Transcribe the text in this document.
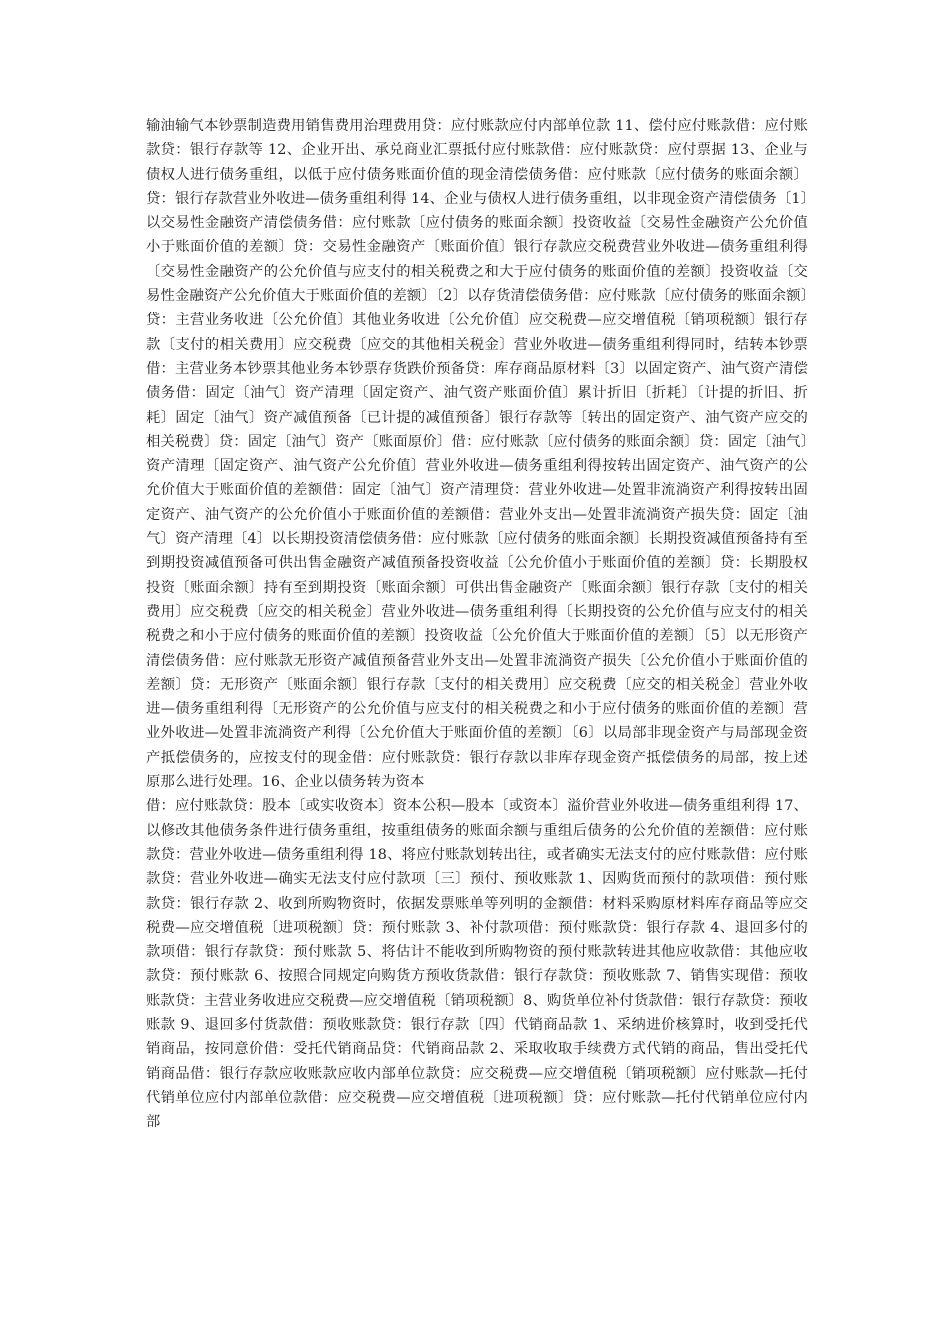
输油输气本钞票制造费用销售费用治理费用贷：应付账款应付内部单位款 11、偿付应付账款借：应付账款贷：银行存款等 12、企业开出、承兑商业汇票抵付应付账款借：应付账款贷：应付票据 13、企业与债权人进行债务重组，以低于应付债务账面价值的现金清偿债务借：应付账款〔应付债务的账面余额〕贷：银行存款营业外收进—债务重组利得 14、企业与债权人进行债务重组，以非现金资产清偿债务〔1〕以交易性金融资产清偿债务借：应付账款〔应付债务的账面余额〕投资收益〔交易性金融资产公允价值小于账面价值的差额〕贷：交易性金融资产〔账面价值〕银行存款应交税费营业外收进—债务重组利得〔交易性金融资产的公允价值与应支付的相关税费之和大于应付债务的账面价值的差额〕投资收益〔交易性金融资产公允价值大于账面价值的差额〕〔2〕以存货清偿债务借：应付账款〔应付债务的账面余额〕贷：主营业务收进〔公允价值〕其他业务收进〔公允价值〕应交税费—应交增值税〔销项税额〕银行存款〔支付的相关费用〕应交税费〔应交的其他相关税金〕营业外收进—债务重组利得同时，结转本钞票借：主营业务本钞票其他业务本钞票存货跌价预备贷：库存商品原材料〔3〕以固定资产、油气资产清偿债务借：固定〔油气〕资产清理〔固定资产、油气资产账面价值〕累计折旧〔折耗〕〔计提的折旧、折耗〕固定〔油气〕资产减值预备〔已计提的减值预备〕银行存款等〔转出的固定资产、油气资产应交的相关税费〕贷：固定〔油气〕资产〔账面原价〕借：应付账款〔应付债务的账面余额〕贷：固定〔油气〕资产清理〔固定资产、油气资产公允价值〕营业外收进—债务重组利得按转出固定资产、油气资产的公允价值大于账面价值的差额借：固定〔油气〕资产清理贷：营业外收进—处置非流淌资产利得按转出固定资产、油气资产的公允价值小于账面价值的差额借：营业外支出—处置非流淌资产损失贷：固定〔油气〕资产清理〔4〕以长期投资清偿债务借：应付账款〔应付债务的账面余额〕长期投资减值预备持有至到期投资减值预备可供出售金融资产减值预备投资收益〔公允价值小于账面价值的差额〕贷：长期股权投资〔账面余额〕持有至到期投资〔账面余额〕可供出售金融资产〔账面余额〕银行存款〔支付的相关费用〕应交税费〔应交的相关税金〕营业外收进—债务重组利得〔长期投资的公允价值与应支付的相关税费之和小于应付债务的账面价值的差额〕投资收益〔公允价值大于账面价值的差额〕〔5〕以无形资产清偿债务借：应付账款无形资产减值预备营业外支出—处置非流淌资产损失〔公允价值小于账面价值的差额〕贷：无形资产〔账面余额〕银行存款〔支付的相关费用〕应交税费〔应交的相关税金〕营业外收进—债务重组利得〔无形资产的公允价值与应支付的相关税费之和小于应付债务的账面价值的差额〕营业外收进—处置非流淌资产利得〔公允价值大于账面价值的差额〕〔6〕以局部非现金资产与局部现金资产抵偿债务的，应按支付的现金借：应付账款贷：银行存款以非库存现金资产抵偿债务的局部，按上述原那么进行处理。16、企业以债务转为资本

借：应付账款贷：股本〔或实收资本〕资本公积—股本〔或资本〕溢价营业外收进—债务重组利得 17、以修改其他债务条件进行债务重组，按重组债务的账面余额与重组后债务的公允价值的差额借：应付账款贷：营业外收进—债务重组利得 18、将应付账款划转出往，或者确实无法支付的应付账款借：应付账款贷：营业外收进—确实无法支付应付款项〔三〕预付、预收账款 1、因购货而预付的款项借：预付账款贷：银行存款 2、收到所购物资时，依据发票账单等列明的金额借：材料采购原材料库存商品等应交税费—应交增值税〔进项税额〕贷：预付账款 3、补付款项借：预付账款贷：银行存款 4、退回多付的款项借：银行存款贷：预付账款 5、将估计不能收到所购物资的预付账款转进其他应收款借：其他应收款贷：预付账款 6、按照合同规定向购货方预收货款借：银行存款贷：预收账款 7、销售实现借：预收账款贷：主营业务收进应交税费—应交增值税〔销项税额〕8、购货单位补付货款借：银行存款贷：预收账款 9、退回多付货款借：预收账款贷：银行存款〔四〕代销商品款 1、采纳进价核算时，收到受托代销商品，按同意价借：受托代销商品贷：代销商品款 2、采取收取手续费方式代销的商品，售出受托代销商品借：银行存款应收账款应收内部单位款贷：应交税费—应交增值税〔销项税额〕应付账款—托付代销单位应付内部单位款借：应交税费—应交增值税〔进项税额〕贷：应付账款—托付代销单位应付内部
